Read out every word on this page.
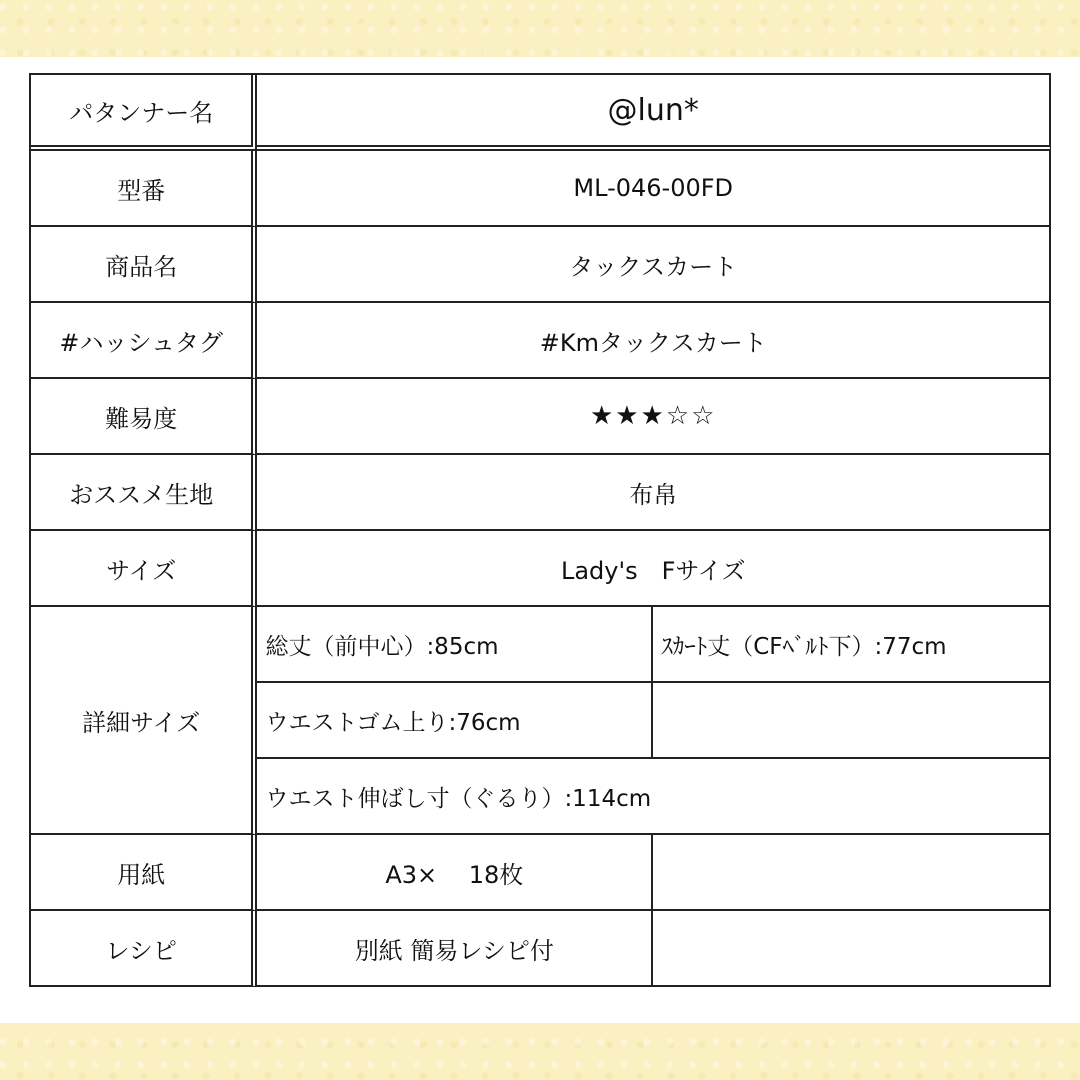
パタンナー名	@lun*	
型番	ML-046-00FD	
商品名	タックスカート	
#ハッシュタグ	#Kmタックスカート	
難易度	★★★☆☆	
おススメ生地	布帛	
サイズ	Lady's　Fサイズ	
詳細サイズ	総丈（前中心）:85cm	ｽｶｰﾄ丈（CFﾍﾞﾙﾄ下）:77cm
	ウエストゴム上り:76cm	
	ウエスト伸ばし寸（ぐるり）:114cm	
用紙	A3×　 18枚	
レシピ	別紙 簡易レシピ付	
